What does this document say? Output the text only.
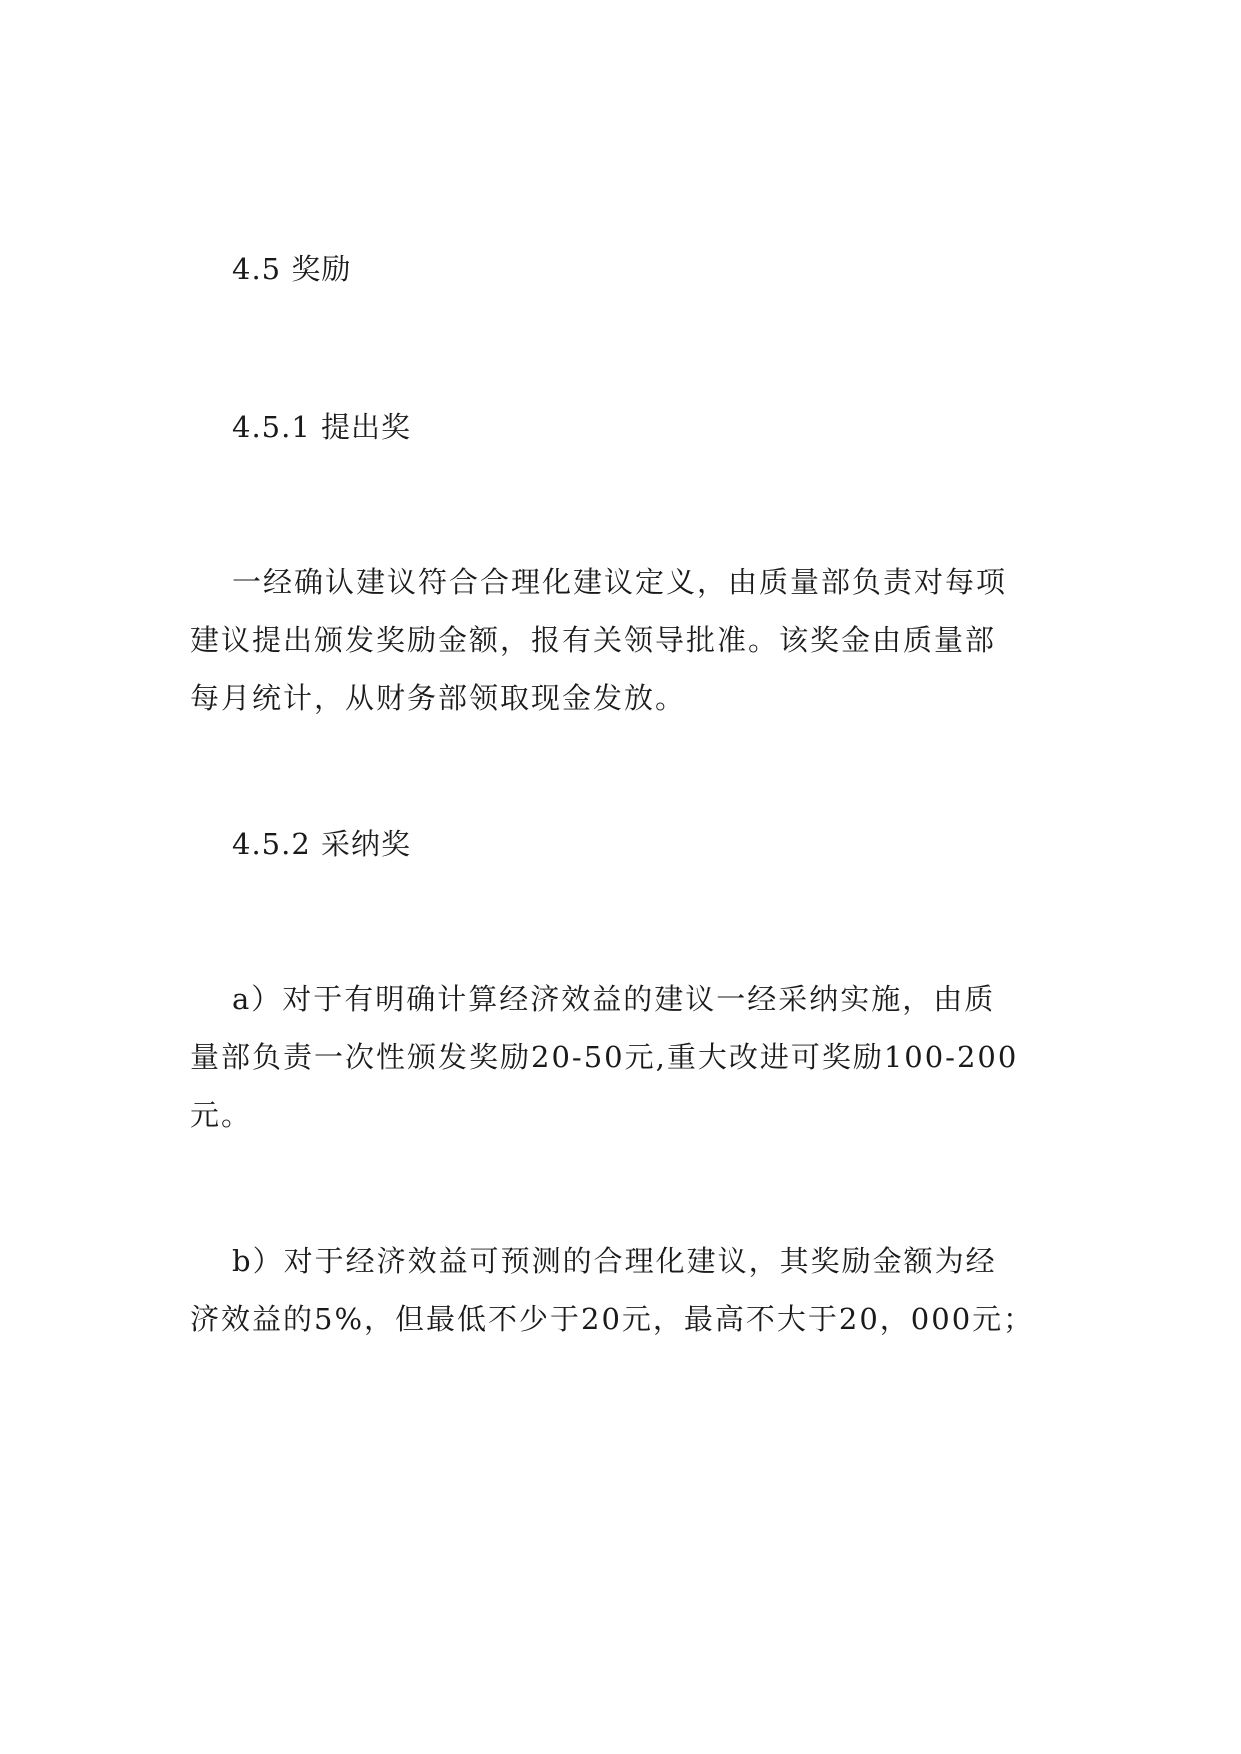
4.5 奖励
4.5.1 提出奖

一经确认建议符合合理化建议定义，由质量部负责对每项
建议提出颁发奖励金额，报有关领导批准。该奖金由质量部
每月统计，从财务部领取现金发放。

4.5.2 采纳奖

a）对于有明确计算经济效益的建议一经采纳实施，由质
量部负责一次性颁发奖励20-50元,重大改进可奖励100-200
元。

b）对于经济效益可预测的合理化建议，其奖励金额为经
济效益的5%，但最低不少于20元，最高不大于20，000元；
